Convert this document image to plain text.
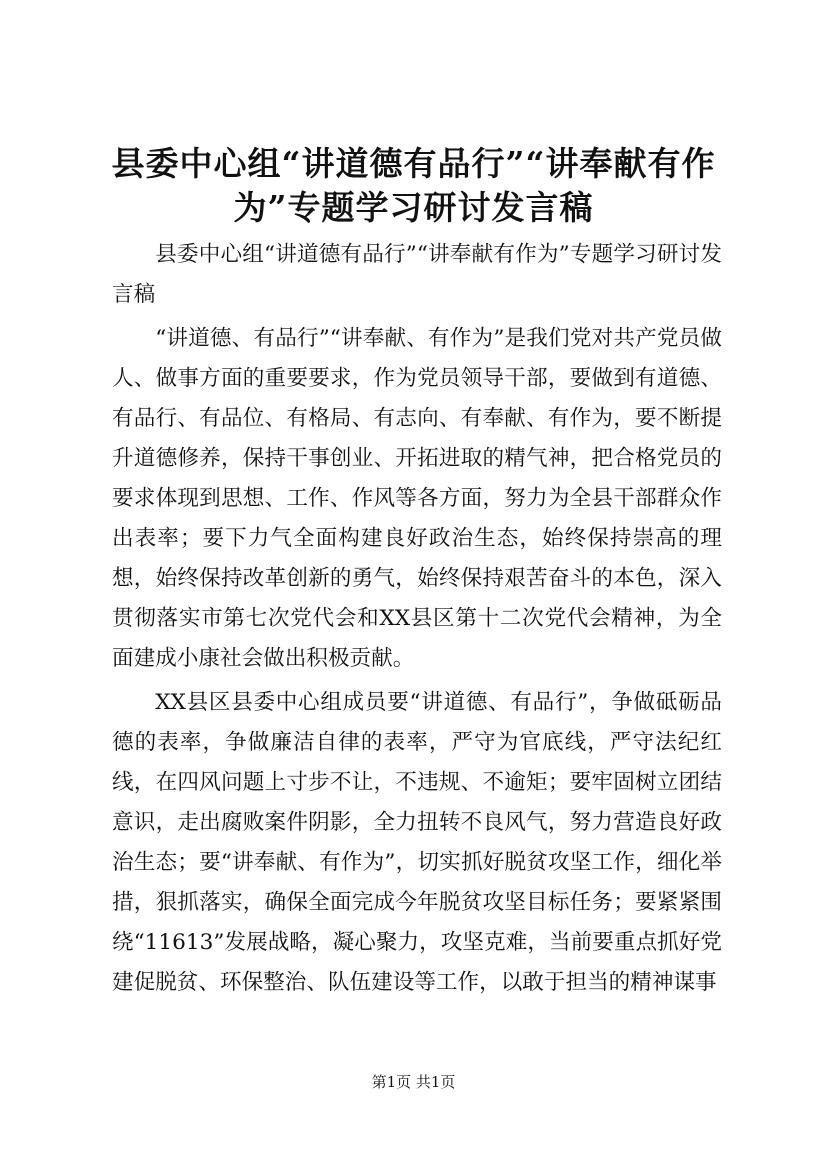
县委中心组“讲道德有品行”“讲奉献有作
为”专题学习研讨发言稿

县委中心组“讲道德有品行”“讲奉献有作为”专题学习研讨发言稿

“讲道德、有品行”“讲奉献、有作为”是我们党对共产党员做人、做事方面的重要要求，作为党员领导干部，要做到有道德、有品行、有品位、有格局、有志向、有奉献、有作为，要不断提升道德修养，保持干事创业、开拓进取的精气神，把合格党员的要求体现到思想、工作、作风等各方面，努力为全县干部群众作出表率；要下力气全面构建良好政治生态，始终保持崇高的理想，始终保持改革创新的勇气，始终保持艰苦奋斗的本色，深入贯彻落实市第七次党代会和XX县区第十二次党代会精神，为全面建成小康社会做出积极贡献。

XX县区县委中心组成员要“讲道德、有品行”，争做砥砺品德的表率，争做廉洁自律的表率，严守为官底线，严守法纪红线，在四风问题上寸步不让，不违规、不逾矩；要牢固树立团结意识，走出腐败案件阴影，全力扭转不良风气，努力营造良好政治生态；要“讲奉献、有作为”，切实抓好脱贫攻坚工作，细化举措，狠抓落实，确保全面完成今年脱贫攻坚目标任务；要紧紧围绕“11613”发展战略，凝心聚力，攻坚克难，当前要重点抓好党建促脱贫、环保整治、队伍建设等工作，以敢于担当的精神谋事

第1页 共1页
